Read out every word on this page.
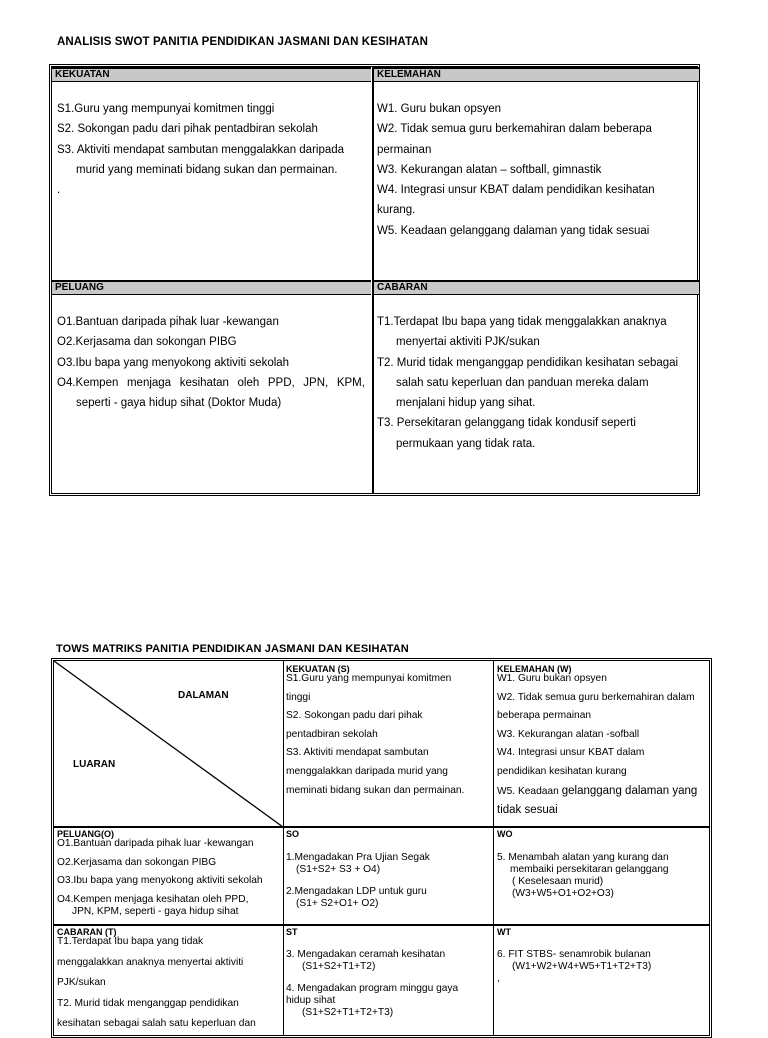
ANALISIS SWOT PANITIA PENDIDIKAN JASMANI DAN KESIHATAN
KEKUATAN	KELEMAHAN
S1.Guru yang mempunyai komitmen tinggi
S2. Sokongan padu dari pihak pentadbiran sekolah
S3. Aktiviti mendapat sambutan menggalakkan daripada
murid yang meminati bidang sukan dan permainan.
.
W1. Guru bukan opsyen
W2. Tidak semua guru berkemahiran dalam beberapa
permainan
W3. Kekurangan alatan – softball, gimnastik
W4. Integrasi unsur KBAT dalam pendidikan kesihatan
kurang.
W5. Keadaan gelanggang dalaman yang tidak sesuai
PELUANG	CABARAN
O1.Bantuan daripada pihak luar -kewangan
O2.Kerjasama dan sokongan PIBG
O3.Ibu bapa yang menyokong aktiviti sekolah
O4.Kempen menjaga kesihatan oleh PPD, JPN, KPM,
seperti - gaya hidup sihat (Doktor Muda)
T1.Terdapat Ibu bapa yang tidak menggalakkan anaknya
menyertai aktiviti PJK/sukan
T2. Murid tidak menganggap pendidikan kesihatan sebagai
salah satu keperluan dan panduan mereka dalam
menjalani hidup yang sihat.
T3. Persekitaran gelanggang tidak kondusif seperti
permukaan yang tidak rata.
TOWS MATRIKS PANITIA PENDIDIKAN JASMANI DAN KESIHATAN
DALAMAN
LUARAN
KEKUATAN (S)
S1.Guru yang mempunyai komitmen
tinggi
S2. Sokongan padu dari pihak
pentadbiran sekolah
S3. Aktiviti mendapat sambutan
menggalakkan daripada murid yang
meminati bidang sukan dan permainan.
KELEMAHAN (W)
W1. Guru bukan opsyen
W2. Tidak semua guru berkemahiran dalam
beberapa permainan
W3. Kekurangan alatan -sofball
W4. Integrasi unsur KBAT dalam
pendidikan kesihatan kurang
W5. Keadaan gelanggang dalaman yang
tidak sesuai
PELUANG(O)
O1.Bantuan daripada pihak luar -kewangan
O2.Kerjasama dan sokongan PIBG
O3.Ibu bapa yang menyokong aktiviti sekolah
O4.Kempen menjaga kesihatan oleh PPD,
JPN, KPM, seperti - gaya hidup sihat
SO
1.Mengadakan Pra Ujian Segak
(S1+S2+ S3 + O4)
2.Mengadakan LDP untuk guru
(S1+ S2+O1+ O2)
WO
5. Menambah alatan yang kurang dan
membaiki persekitaran gelanggang
( Keselesaan murid)
(W3+W5+O1+O2+O3)
CABARAN (T)
T1.Terdapat Ibu bapa yang tidak
menggalakkan anaknya menyertai aktiviti
PJK/sukan
T2. Murid tidak menganggap pendidikan
kesihatan sebagai salah satu keperluan dan
ST
3. Mengadakan ceramah kesihatan
(S1+S2+T1+T2)
4. Mengadakan program minggu gaya
hidup sihat
(S1+S2+T1+T2+T3)
WT
6. FIT STBS- senamrobik bulanan
(W1+W2+W4+W5+T1+T2+T3)
,
